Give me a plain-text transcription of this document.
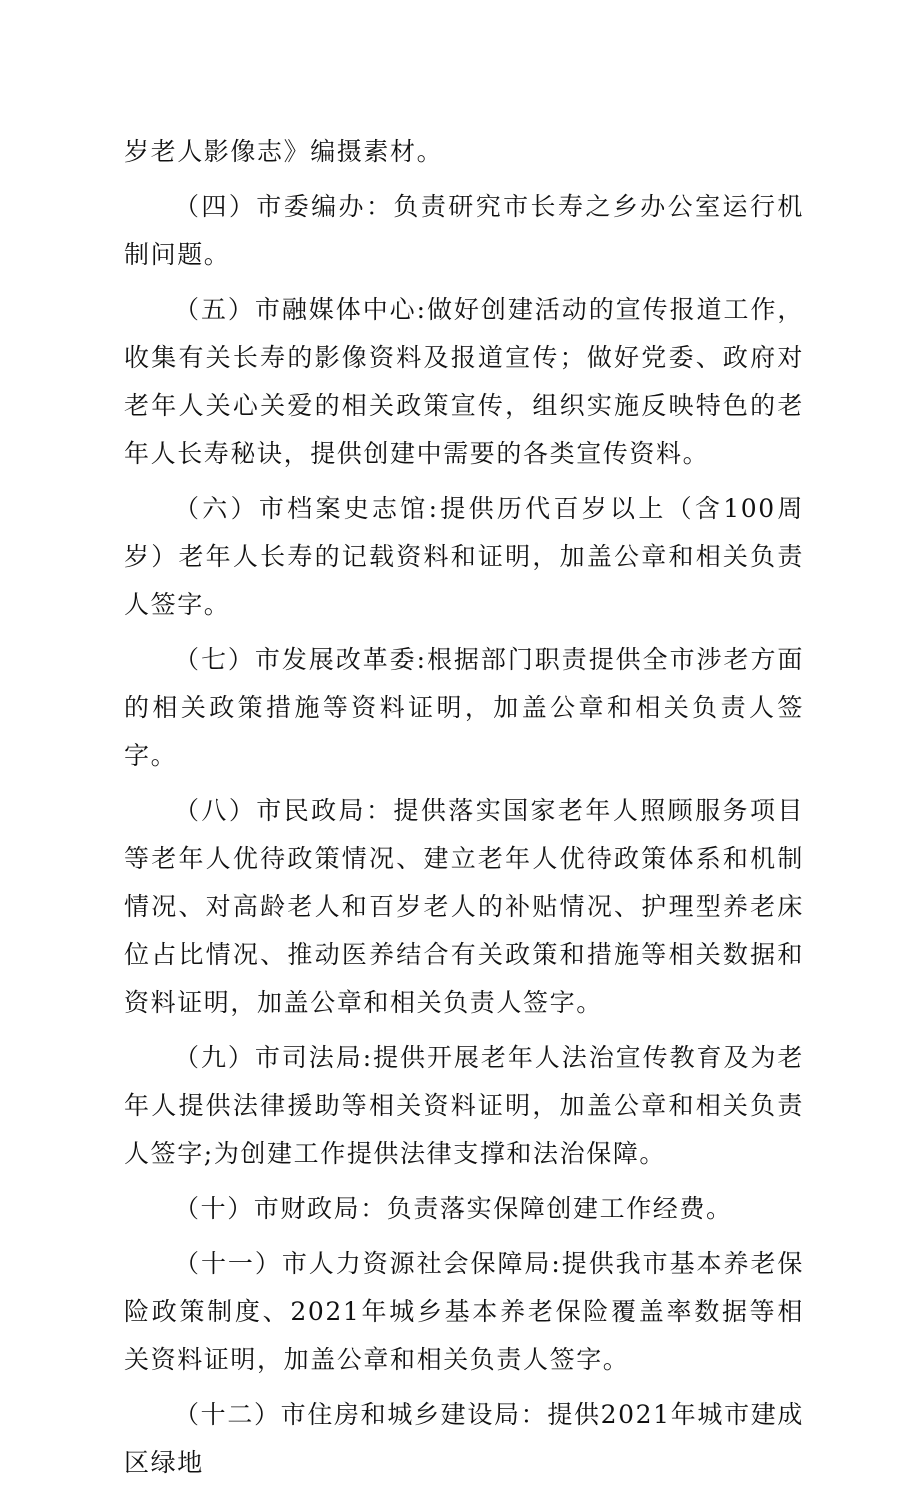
岁老人影像志》编摄素材。

（四）市委编办：负责研究市长寿之乡办公室运行机制问题。

（五）市融媒体中心:做好创建活动的宣传报道工作，收集有关长寿的影像资料及报道宣传；做好党委、政府对老年人关心关爱的相关政策宣传，组织实施反映特色的老年人长寿秘诀，提供创建中需要的各类宣传资料。

（六）市档案史志馆:提供历代百岁以上（含100周岁）老年人长寿的记载资料和证明，加盖公章和相关负责人签字。

（七）市发展改革委:根据部门职责提供全市涉老方面的相关政策措施等资料证明，加盖公章和相关负责人签字。

（八）市民政局：提供落实国家老年人照顾服务项目等老年人优待政策情况、建立老年人优待政策体系和机制情况、对高龄老人和百岁老人的补贴情况、护理型养老床位占比情况、推动医养结合有关政策和措施等相关数据和资料证明，加盖公章和相关负责人签字。

（九）市司法局:提供开展老年人法治宣传教育及为老年人提供法律援助等相关资料证明，加盖公章和相关负责人签字;为创建工作提供法律支撑和法治保障。

（十）市财政局：负责落实保障创建工作经费。

（十一）市人力资源社会保障局:提供我市基本养老保险政策制度、2021年城乡基本养老保险覆盖率数据等相关资料证明，加盖公章和相关负责人签字。

（十二）市住房和城乡建设局：提供2021年城市建成区绿地
